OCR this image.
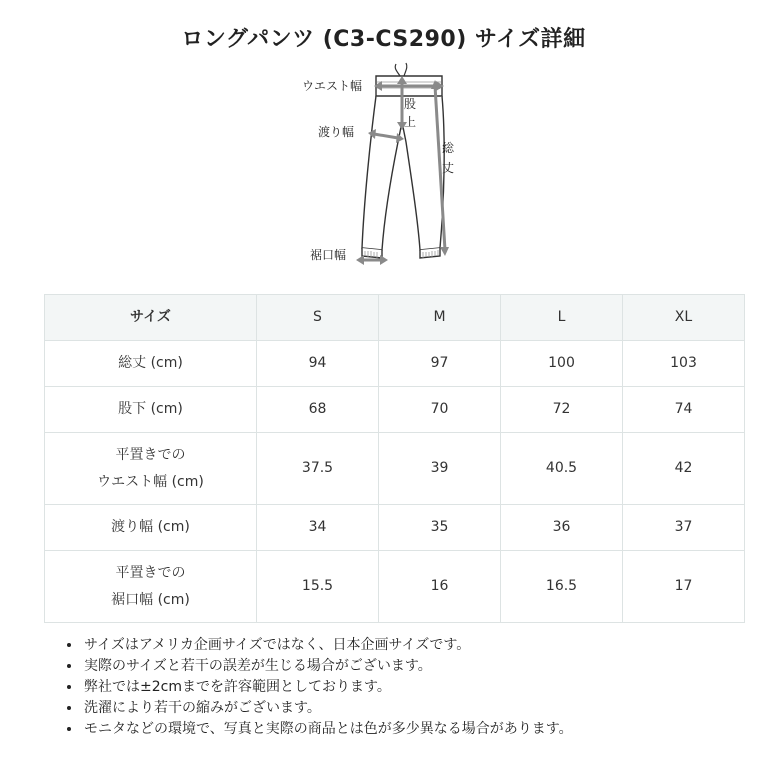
ロングパンツ (C3-CS290) サイズ詳細
ウエスト幅
股
上
渡り幅
総
丈
裾口幅
サイズ	S	M	L	XL

総丈 (cm)	94	97	100	103

股下 (cm)	68	70	72	74

平置きでの
ウエスト幅 (cm)	37.5	39	40.5	42

渡り幅 (cm)	34	35	36	37

平置きでの
裾口幅 (cm)	15.5	16	16.5	17
• サイズはアメリカ企画サイズではなく、日本企画サイズです。
• 実際のサイズと若干の誤差が生じる場合がございます。
• 弊社では±2cmまでを許容範囲としております。
• 洗濯により若干の縮みがございます。
• モニタなどの環境で、写真と実際の商品とは色が多少異なる場合があります。
